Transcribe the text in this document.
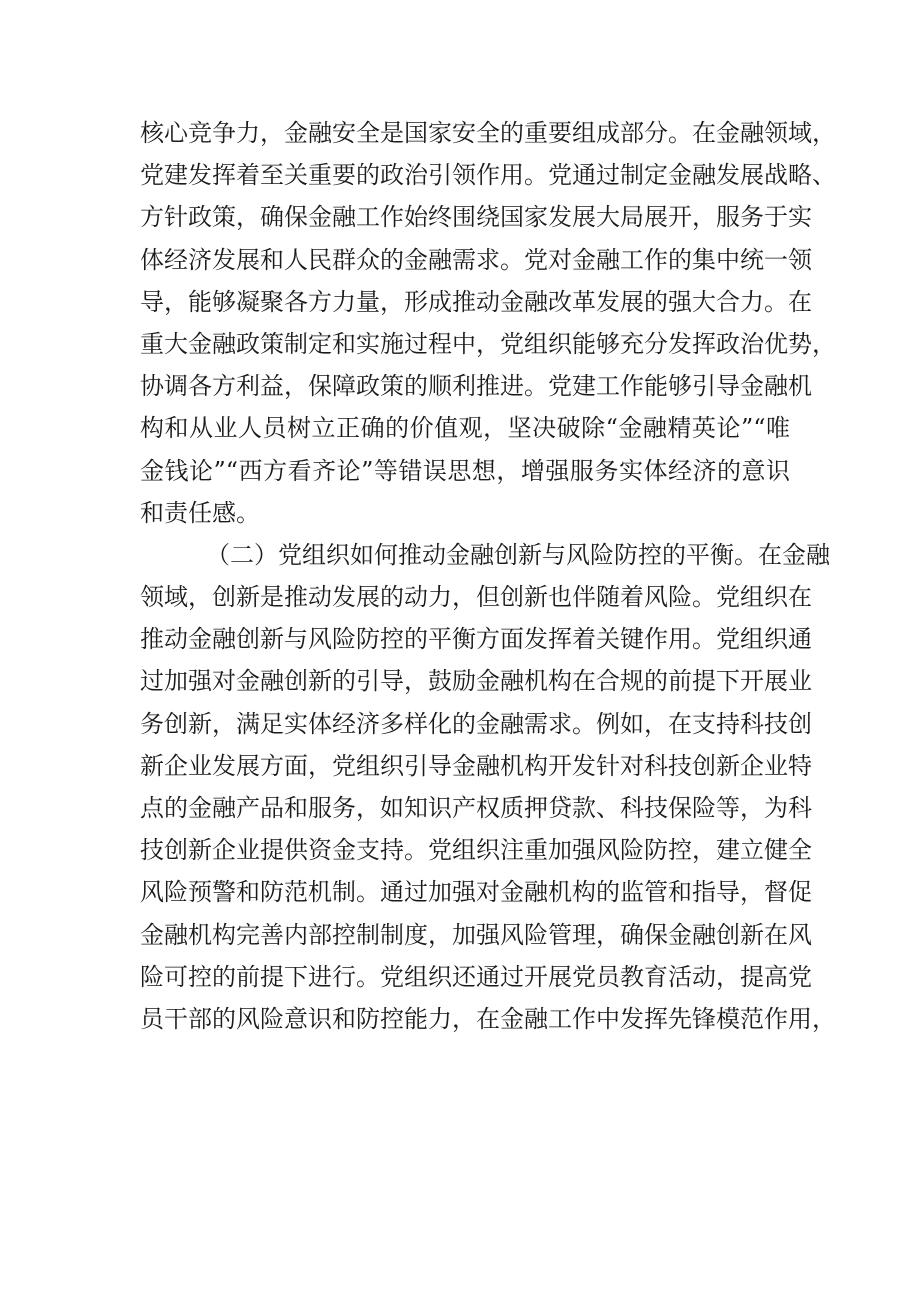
核心竞争力，金融安全是国家安全的重要组成部分。在金融领域，
党建发挥着至关重要的政治引领作用。党通过制定金融发展战略、
方针政策，确保金融工作始终围绕国家发展大局展开，服务于实
体经济发展和人民群众的金融需求。党对金融工作的集中统一领
导，能够凝聚各方力量，形成推动金融改革发展的强大合力。在
重大金融政策制定和实施过程中，党组织能够充分发挥政治优势，
协调各方利益，保障政策的顺利推进。党建工作能够引导金融机
构和从业人员树立正确的价值观，坚决破除“金融精英论”“唯
金钱论”“西方看齐论”等错误思想，增强服务实体经济的意识
和责任感。
（二）党组织如何推动金融创新与风险防控的平衡。在金融
领域，创新是推动发展的动力，但创新也伴随着风险。党组织在
推动金融创新与风险防控的平衡方面发挥着关键作用。党组织通
过加强对金融创新的引导，鼓励金融机构在合规的前提下开展业
务创新，满足实体经济多样化的金融需求。例如，在支持科技创
新企业发展方面，党组织引导金融机构开发针对科技创新企业特
点的金融产品和服务，如知识产权质押贷款、科技保险等，为科
技创新企业提供资金支持。党组织注重加强风险防控，建立健全
风险预警和防范机制。通过加强对金融机构的监管和指导，督促
金融机构完善内部控制制度，加强风险管理，确保金融创新在风
险可控的前提下进行。党组织还通过开展党员教育活动，提高党
员干部的风险意识和防控能力，在金融工作中发挥先锋模范作用，
